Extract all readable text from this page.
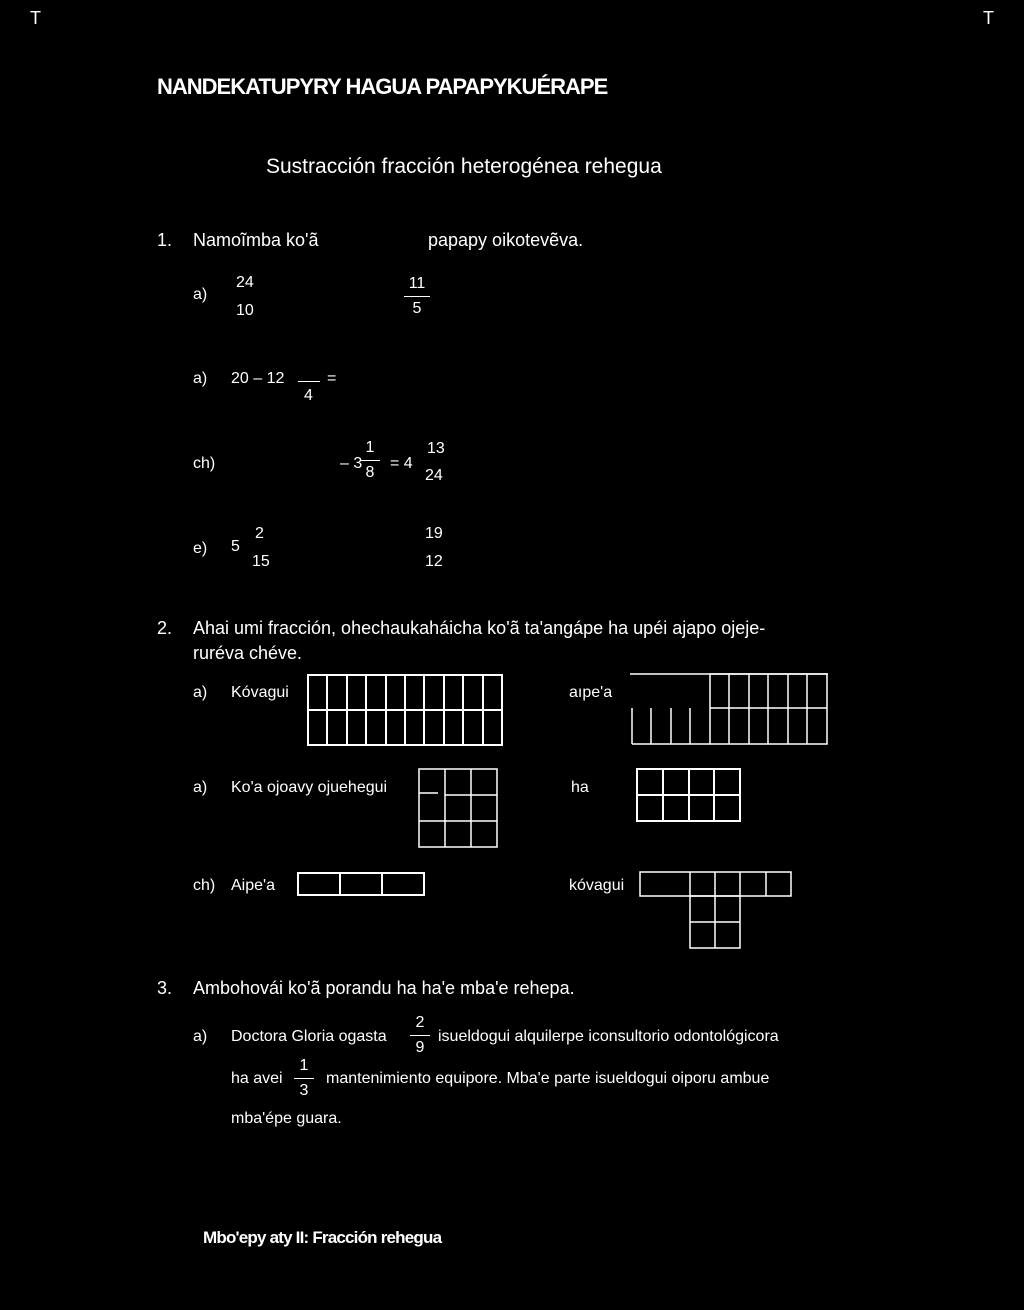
T	T
NANDEKATUPYRY HAGUA PAPAPYKUÉRAPE
Sustracción fracción heterogénea rehegua
1. Namoĩmba ko'ã	papapy oikotevẽva.
a)
24
10
11
5
a) 20 – 12	=
4
ch)	– 3
1
8
= 4
13
24
e) 5
2
15
19
12
2. Ahai umi fracción, ohechaukaháicha ko'ã ta'angápe ha upéi ajapo ojeje-
ruréva chéve.
a) Kóvagui	aıpe'a
a) Ko'a ojoavy ojuehegui	ha
ch) Aipe'a	kóvagui
3. Ambohovái ko'ã porandu ha ha'e mba'e rehepa.
a) Doctora Gloria ogasta
2
9
isueldogui alquilerpe iconsultorio odontológicora
ha avei
1
3
mantenimiento equipore. Mba'e parte isueldogui oiporu ambue
mba'épe guara.
Mbo'epy aty II: Fracción rehegua
